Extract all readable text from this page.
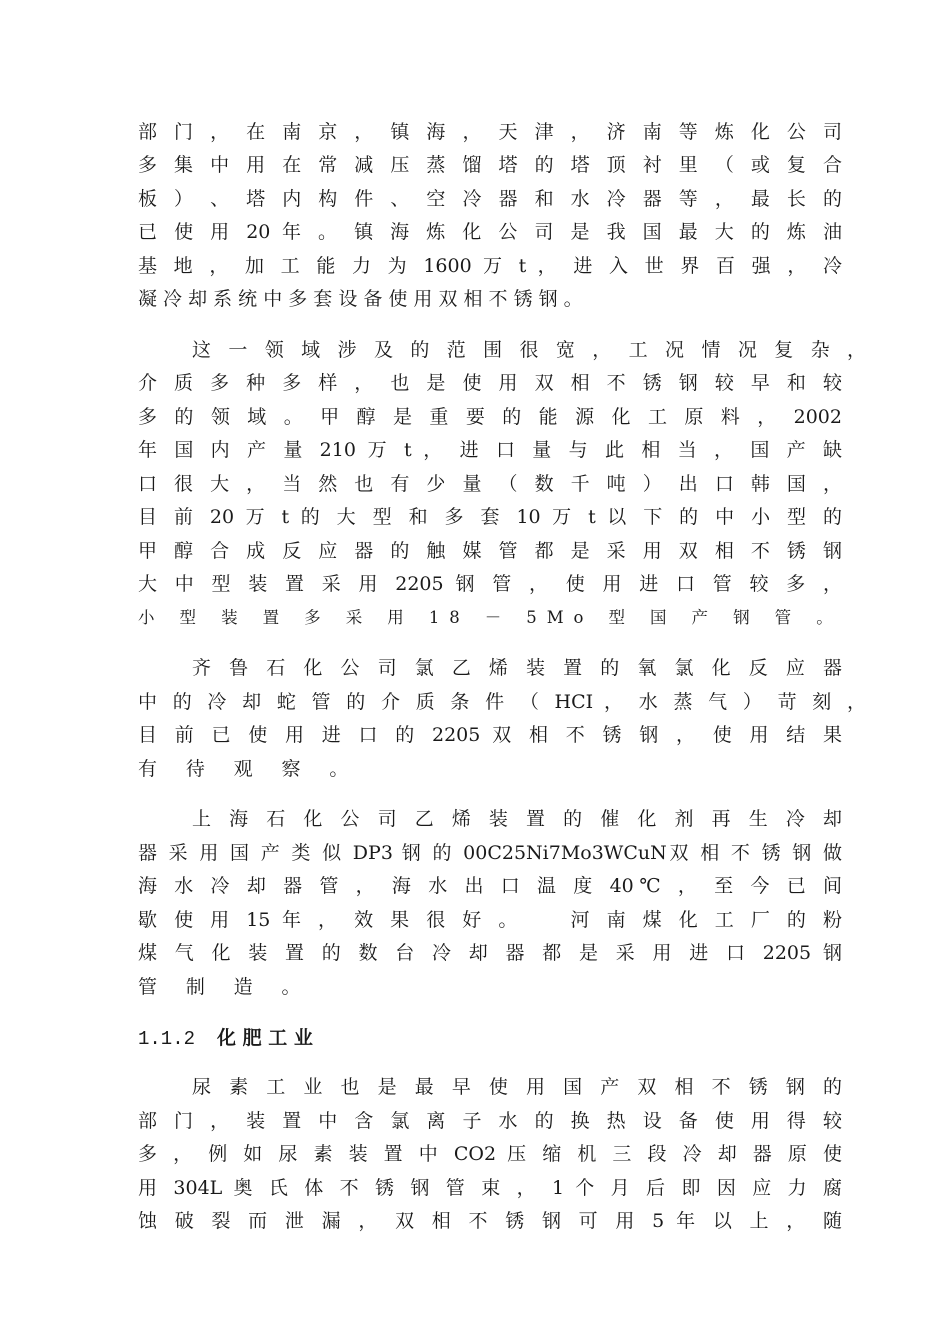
部 门 ， 在 南 京 ， 镇 海 ， 天 津 ， 济 南 等 炼 化 公 司
多 集 中 用 在 常 减 压 蒸 馏 塔 的 塔 顶 衬 里 （ 或 复 合
板 ） 、 塔 内 构 件 、 空 冷 器 和 水 冷 器 等 ， 最 长 的
已 使 用 20 年 。 镇 海 炼 化 公 司 是 我 国 最 大 的 炼 油
基 地 ， 加 工 能 力 为 1600 万 t ， 进 入 世 界 百 强 ， 冷
凝 冷 却 系 统 中 多 套 设 备 使 用 双 相 不 锈 钢 。
这 一 领 域 涉 及 的 范 围 很 宽 ， 工 况 情 况 复 杂 ，
介 质 多 种 多 样 ， 也 是 使 用 双 相 不 锈 钢 较 早 和 较
多 的 领 域 。 甲 醇 是 重 要 的 能 源 化 工 原 料 ， 2002
年 国 内 产 量 210 万 t ， 进 口 量 与 此 相 当 ， 国 产 缺
口 很 大 ， 当 然 也 有 少 量 （ 数 千 吨 ） 出 口 韩 国 ，
目 前 20 万 t 的 大 型 和 多 套 10 万 t 以 下 的 中 小 型 的
甲 醇 合 成 反 应 器 的 触 媒 管 都 是 采 用 双 相 不 锈 钢
大 中 型 装 置 采 用 2205 钢 管 ， 使 用 进 口 管 较 多 ，
小 型 装 置 多 采 用 18 － 5Mo 型 国 产 钢 管 。
齐 鲁 石 化 公 司 氯 乙 烯 装 置 的 氧 氯 化 反 应 器
中 的 冷 却 蛇 管 的 介 质 条 件 （ HCI ， 水 蒸 气 ） 苛 刻 ，
目 前 已 使 用 进 口 的 2205 双 相 不 锈 钢 ， 使 用 结 果
有 待 观 察 。
上 海 石 化 公 司 乙 烯 装 置 的 催 化 剂 再 生 冷 却
器 采 用 国 产 类 似 DP3 钢 的 00C25Ni7Mo3WCuN双 相 不 锈 钢 做
海 水 冷 却 器 管 ， 海 水 出 口 温 度 40℃ ， 至 今 已 间
歇 使 用 15 年 ， 效 果 很 好 。 　 河 南 煤 化 工 厂 的 粉
煤 气 化 装 置 的 数 台 冷 却 器 都 是 采 用 进 口 2205 钢
管 制 造 。
1.1.2 化 肥 工 业
尿 素 工 业 也 是 最 早 使 用 国 产 双 相 不 锈 钢 的
部 门 ， 装 置 中 含 氯 离 子 水 的 换 热 设 备 使 用 得 较
多 ， 例 如 尿 素 装 置 中 CO2 压 缩 机 三 段 冷 却 器 原 使
用 304L 奥 氏 体 不 锈 钢 管 束 ， 1 个 月 后 即 因 应 力 腐
蚀 破 裂 而 泄 漏 ， 双 相 不 锈 钢 可 用 5 年 以 上 ， 随
